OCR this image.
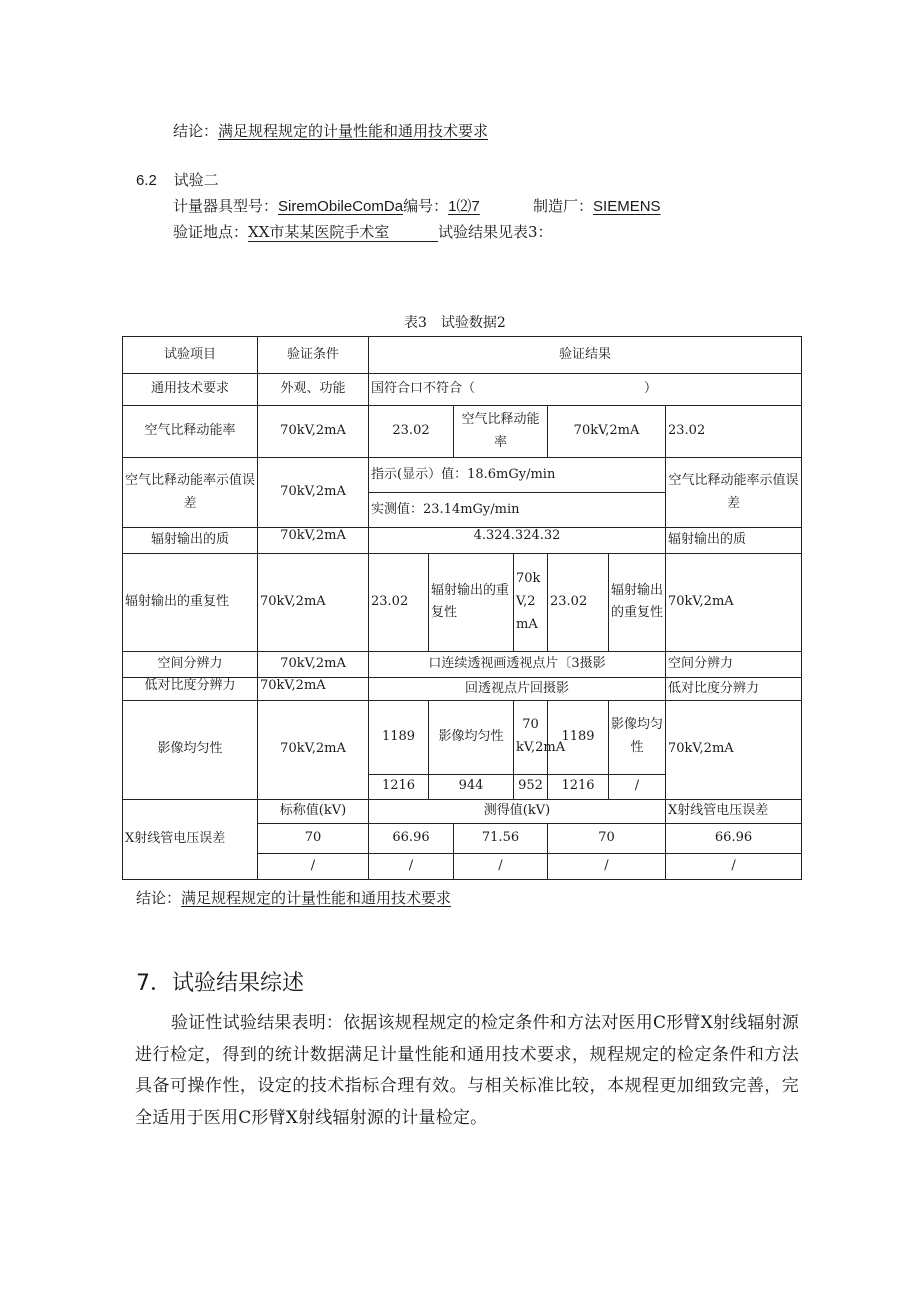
结论：满足规程规定的计量性能和通用技术要求
6.2 试验二
计量器具型号：SiremObileComDa编号：1⑵7	制造厂：SIEMENS
验证地点：XX市某某医院手术室	试验结果见表3：
表3　试验数据2
试验项目	验证条件	验证结果						
通用技术要求	外观、功能	国符合口不符合（　　　　　　　　　　　　　）						
空气比释动能率	70kV,2mA	23.02		空气比释动能率		70kV,2mA		23.02
空气比释动能率示值误差	70kV,2mA	指示(显示）值：18.6mGy/min						空气比释动能率示值误差
		实测值：23.14mGy/min						
辐射输出的质	70kV,2mA	4.324.324.32						辐射输出的质
辐射输出的重复性	70kV,2mA	23.02	辐射输出的重复性		70kV,2mA	23.02	辐射输出的重复性	70kV,2mA
空间分辨力	70kV,2mA	口连续透视画透视点片〔3摄影						空间分辨力
低对比度分辨力	70kV,2mA	回透视点片回摄影						低对比度分辨力
影像均匀性	70kV,2mA	1189	影像均匀性		70 kV,2mA	1189	影像均匀性	70kV,2mA
		1216	944		952	1216	/	
X射线管电压误差	标称值(kV)	测得值(kV)						X射线管电压误差
	70	66.96		71.56		70		66.96
	/	/		/		/		/
结论：满足规程规定的计量性能和通用技术要求
7．试验结果综述

验证性试验结果表明：依据该规程规定的检定条件和方法对医用C形臂X射线辐射源进行检定，得到的统计数据满足计量性能和通用技术要求，规程规定的检定条件和方法具备可操作性，设定的技术指标合理有效。与相关标准比较，本规程更加细致完善，完全适用于医用C形臂X射线辐射源的计量检定。
